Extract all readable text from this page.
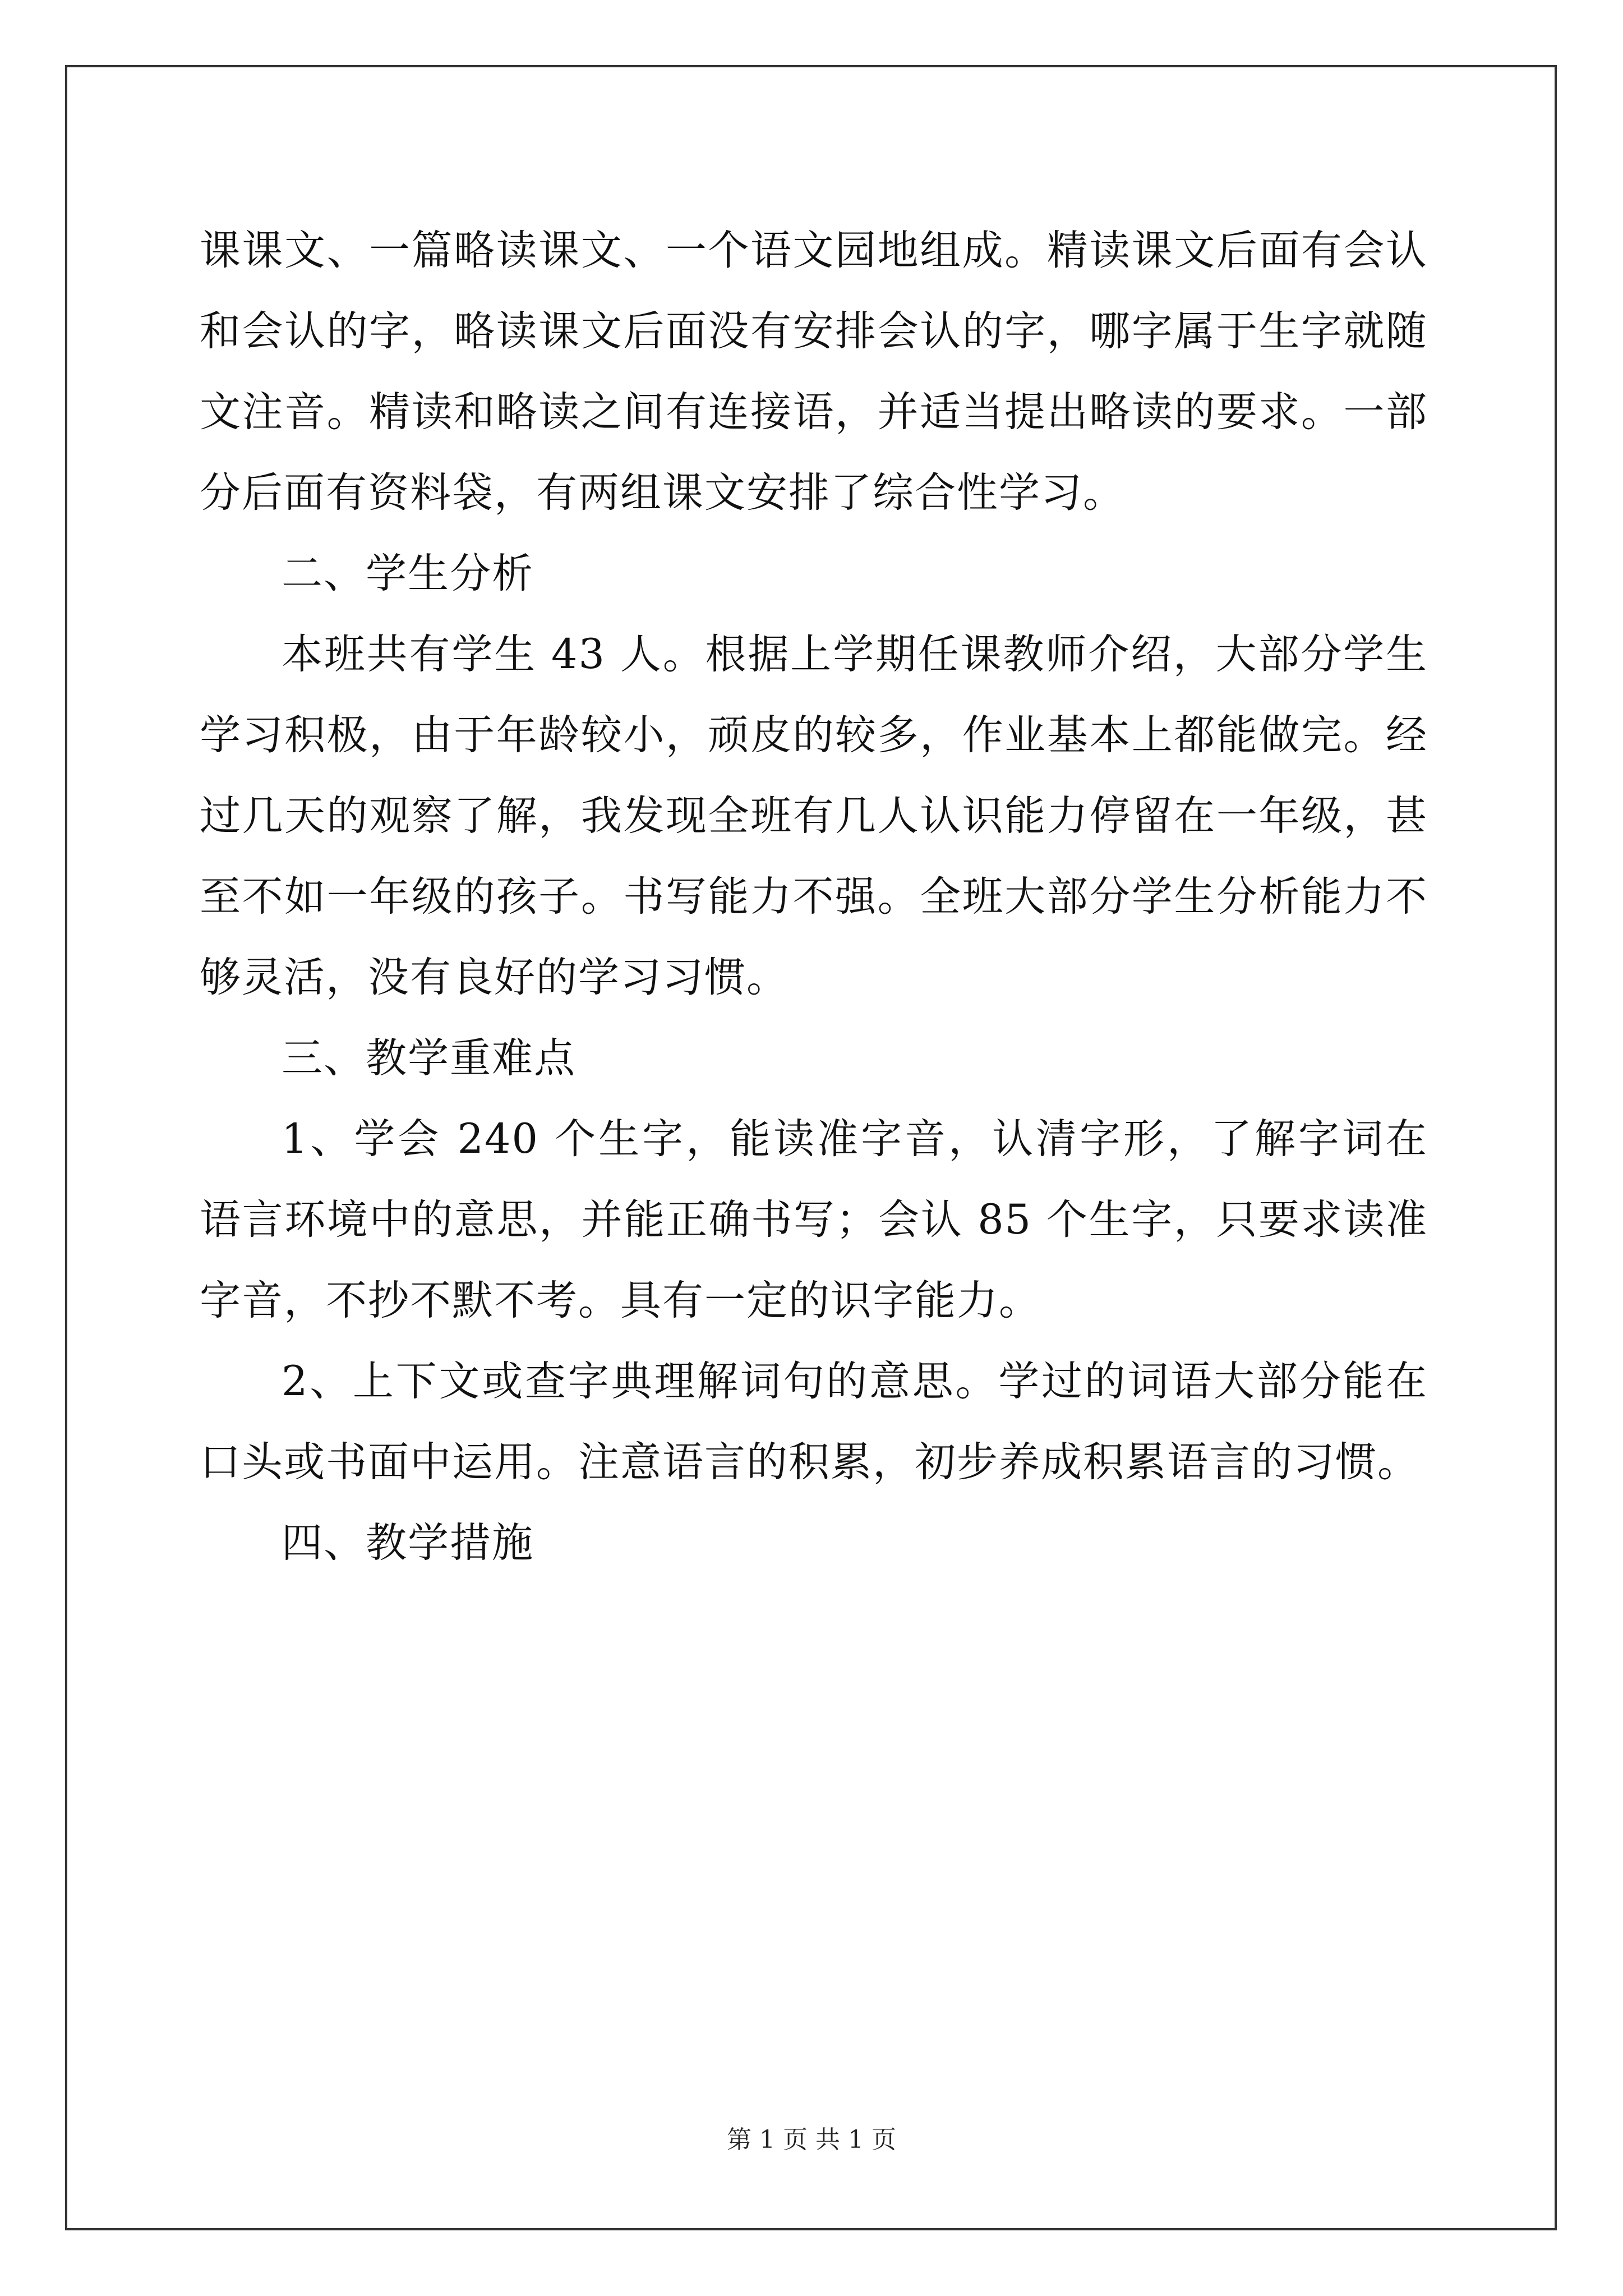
课课文、一篇略读课文、一个语文园地组成。精读课文后面有会认和会认的字，略读课文后面没有安排会认的字，哪字属于生字就随文注音。精读和略读之间有连接语，并适当提出略读的要求。一部分后面有资料袋，有两组课文安排了综合性学习。

二、学生分析

本班共有学生 43 人。根据上学期任课教师介绍，大部分学生学习积极，由于年龄较小，顽皮的较多，作业基本上都能做完。经过几天的观察了解，我发现全班有几人认识能力停留在一年级，甚至不如一年级的孩子。书写能力不强。全班大部分学生分析能力不够灵活，没有良好的学习习惯。

三、教学重难点

1、学会 240 个生字，能读准字音，认清字形，了解字词在语言环境中的意思，并能正确书写；会认 85 个生字，只要求读准字音，不抄不默不考。具有一定的识字能力。

2、上下文或查字典理解词句的意思。学过的词语大部分能在口头或书面中运用。注意语言的积累，初步养成积累语言的习惯。

四、教学措施

第 1 页 共 1 页
